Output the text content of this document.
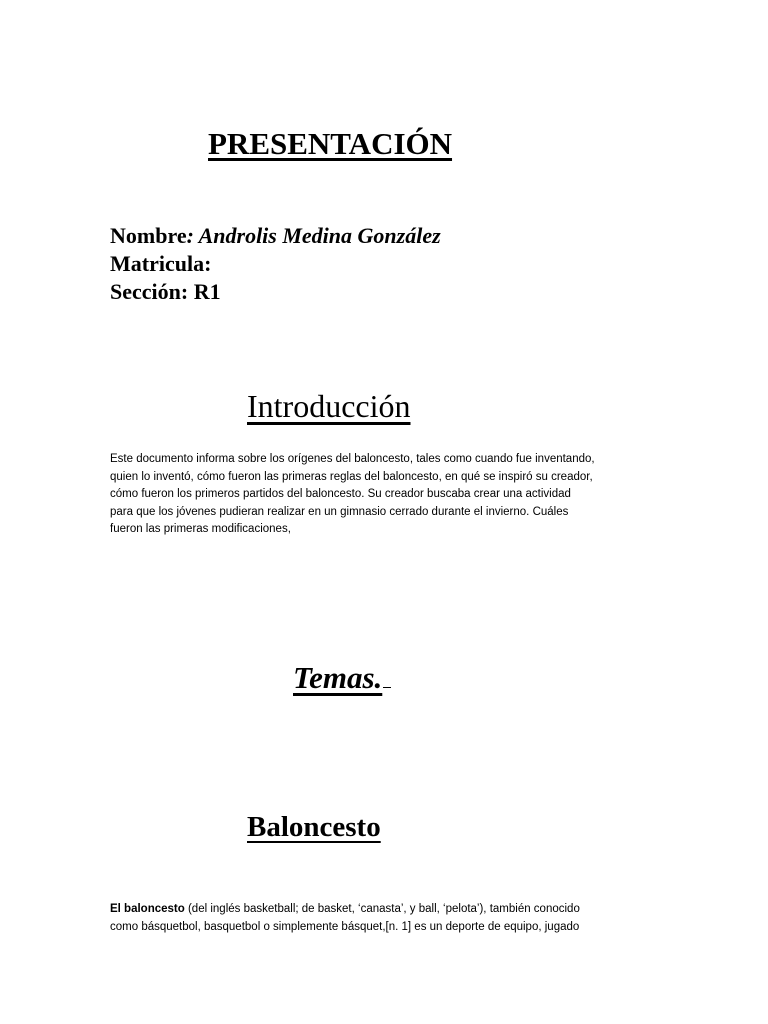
PRESENTACIÓN
Nombre: Androlis Medina González
Matricula:
Sección: R1
Introducción
Este documento informa sobre los orígenes del baloncesto, tales como cuando fue inventando,
quien lo inventó, cómo fueron las primeras reglas del baloncesto, en qué se inspiró su creador,
cómo fueron los primeros partidos del baloncesto. Su creador buscaba crear una actividad
para que los jóvenes pudieran realizar en un gimnasio cerrado durante el invierno. Cuáles
fueron las primeras modificaciones,
Temas.
Baloncesto
El baloncesto (del inglés basketball; de basket, ‘canasta’, y ball, ‘pelota’), también conocido
como básquetbol, basquetbol o simplemente básquet,[n. 1] es un deporte de equipo, jugado
